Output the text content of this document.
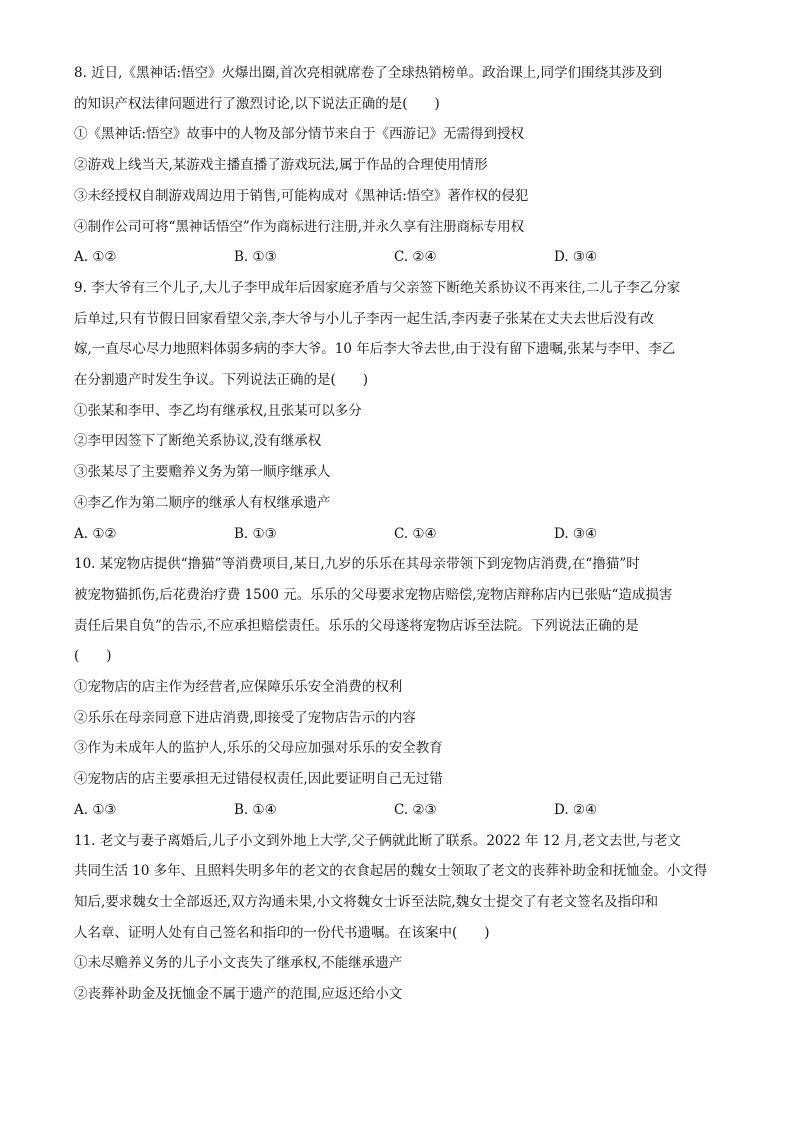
8. 近日,《黑神话:悟空》火爆出圈,首次亮相就席卷了全球热销榜单。政治课上,同学们围绕其涉及到
的知识产权法律问题进行了激烈讨论,以下说法正确的是(　　)
①《黑神话:悟空》故事中的人物及部分情节来自于《西游记》无需得到授权
②游戏上线当天,某游戏主播直播了游戏玩法,属于作品的合理使用情形
③未经授权自制游戏周边用于销售,可能构成对《黑神话:悟空》著作权的侵犯
④制作公司可将“黑神话悟空”作为商标进行注册,并永久享有注册商标专用权
A. ①②	B. ①③	C. ②④	D. ③④
9. 李大爷有三个儿子,大儿子李甲成年后因家庭矛盾与父亲签下断绝关系协议不再来往,二儿子李乙分家
后单过,只有节假日回家看望父亲,李大爷与小儿子李丙一起生活,李丙妻子张某在丈夫去世后没有改
嫁,一直尽心尽力地照料体弱多病的李大爷。10 年后李大爷去世,由于没有留下遗嘱,张某与李甲、李乙
在分割遗产时发生争议。下列说法正确的是(　　)
①张某和李甲、李乙均有继承权,且张某可以多分
②李甲因签下了断绝关系协议,没有继承权
③张某尽了主要赡养义务为第一顺序继承人
④李乙作为第二顺序的继承人有权继承遗产
A. ①②	B. ①③	C. ①④	D. ③④
10. 某宠物店提供“撸猫”等消费项目,某日,九岁的乐乐在其母亲带领下到宠物店消费,在“撸猫”时
被宠物猫抓伤,后花费治疗费 1500 元。乐乐的父母要求宠物店赔偿,宠物店辩称店内已张贴“造成损害
责任后果自负”的告示,不应承担赔偿责任。乐乐的父母遂将宠物店诉至法院。下列说法正确的是
(　　)
①宠物店的店主作为经营者,应保障乐乐安全消费的权利
②乐乐在母亲同意下进店消费,即接受了宠物店告示的内容
③作为未成年人的监护人,乐乐的父母应加强对乐乐的安全教育
④宠物店的店主要承担无过错侵权责任,因此要证明自己无过错
A. ①③	B. ①④	C. ②③	D. ②④
11. 老文与妻子离婚后,儿子小文到外地上大学,父子俩就此断了联系。2022 年 12 月,老文去世,与老文
共同生活 10 多年、且照料失明多年的老文的衣食起居的魏女士领取了老文的丧葬补助金和抚恤金。小文得
知后,要求魏女士全部返还,双方沟通未果,小文将魏女士诉至法院,魏女士提交了有老文签名及指印和
人名章、证明人处有自己签名和指印的一份代书遗嘱。在该案中(　　)
①未尽赡养义务的儿子小文丧失了继承权,不能继承遗产
②丧葬补助金及抚恤金不属于遗产的范围,应返还给小文
